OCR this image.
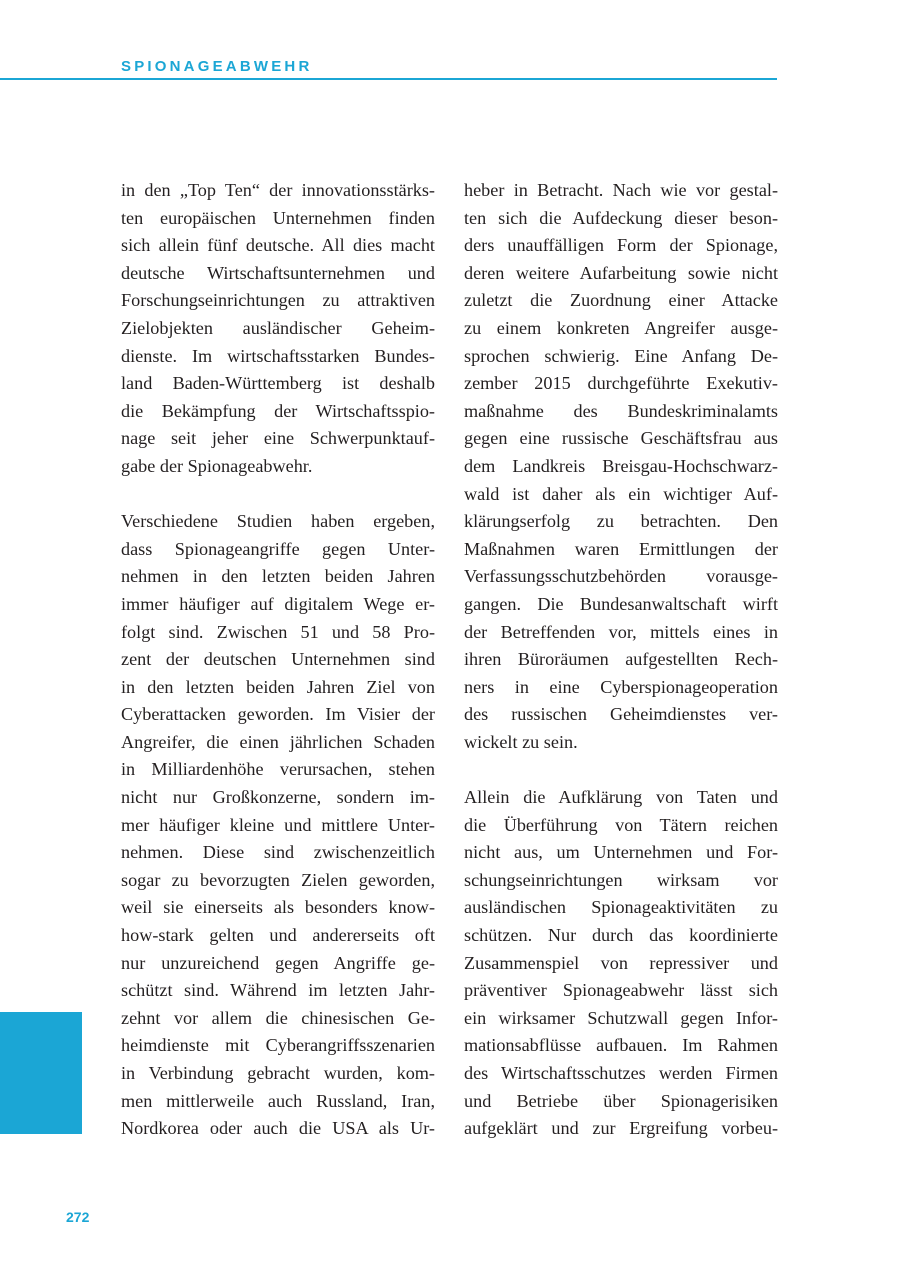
SPIONAGEABWEHR
in den „Top Ten“ der innovationsstärks-
ten europäischen Unternehmen finden
sich allein fünf deutsche. All dies macht
deutsche Wirtschaftsunternehmen und
Forschungseinrichtungen zu attraktiven
Zielobjekten ausländischer Geheim-
dienste. Im wirtschaftsstarken Bundes-
land Baden-Württemberg ist deshalb
die Bekämpfung der Wirtschaftsspio-
nage seit jeher eine Schwerpunktauf-
gabe der Spionageabwehr.
Verschiedene Studien haben ergeben,
dass Spionageangriffe gegen Unter-
nehmen in den letzten beiden Jahren
immer häufiger auf digitalem Wege er-
folgt sind. Zwischen 51 und 58 Pro-
zent der deutschen Unternehmen sind
in den letzten beiden Jahren Ziel von
Cyberattacken geworden. Im Visier der
Angreifer, die einen jährlichen Schaden
in Milliardenhöhe verursachen, stehen
nicht nur Großkonzerne, sondern im-
mer häufiger kleine und mittlere Unter-
nehmen. Diese sind zwischenzeitlich
sogar zu bevorzugten Zielen geworden,
weil sie einerseits als besonders know-
how-stark gelten und andererseits oft
nur unzureichend gegen Angriffe ge-
schützt sind. Während im letzten Jahr-
zehnt vor allem die chinesischen Ge-
heimdienste mit Cyberangriffsszenarien
in Verbindung gebracht wurden, kom-
men mittlerweile auch Russland, Iran,
Nordkorea oder auch die USA als Ur-
heber in Betracht. Nach wie vor gestal-
ten sich die Aufdeckung dieser beson-
ders unauffälligen Form der Spionage,
deren weitere Aufarbeitung sowie nicht
zuletzt die Zuordnung einer Attacke
zu einem konkreten Angreifer ausge-
sprochen schwierig. Eine Anfang De-
zember 2015 durchgeführte Exekutiv-
maßnahme des Bundeskriminalamts
gegen eine russische Geschäftsfrau aus
dem Landkreis Breisgau-Hochschwarz-
wald ist daher als ein wichtiger Auf-
klärungserfolg zu betrachten. Den
Maßnahmen waren Ermittlungen der
Verfassungsschutzbehörden vorausge-
gangen. Die Bundesanwaltschaft wirft
der Betreffenden vor, mittels eines in
ihren Büroräumen aufgestellten Rech-
ners in eine Cyberspionageoperation
des russischen Geheimdienstes ver-
wickelt zu sein.
Allein die Aufklärung von Taten und
die Überführung von Tätern reichen
nicht aus, um Unternehmen und For-
schungseinrichtungen wirksam vor
ausländischen Spionageaktivitäten zu
schützen. Nur durch das koordinierte
Zusammenspiel von repressiver und
präventiver Spionageabwehr lässt sich
ein wirksamer Schutzwall gegen Infor-
mationsabflüsse aufbauen. Im Rahmen
des Wirtschaftsschutzes werden Firmen
und Betriebe über Spionagerisiken
aufgeklärt und zur Ergreifung vorbeu-
272
